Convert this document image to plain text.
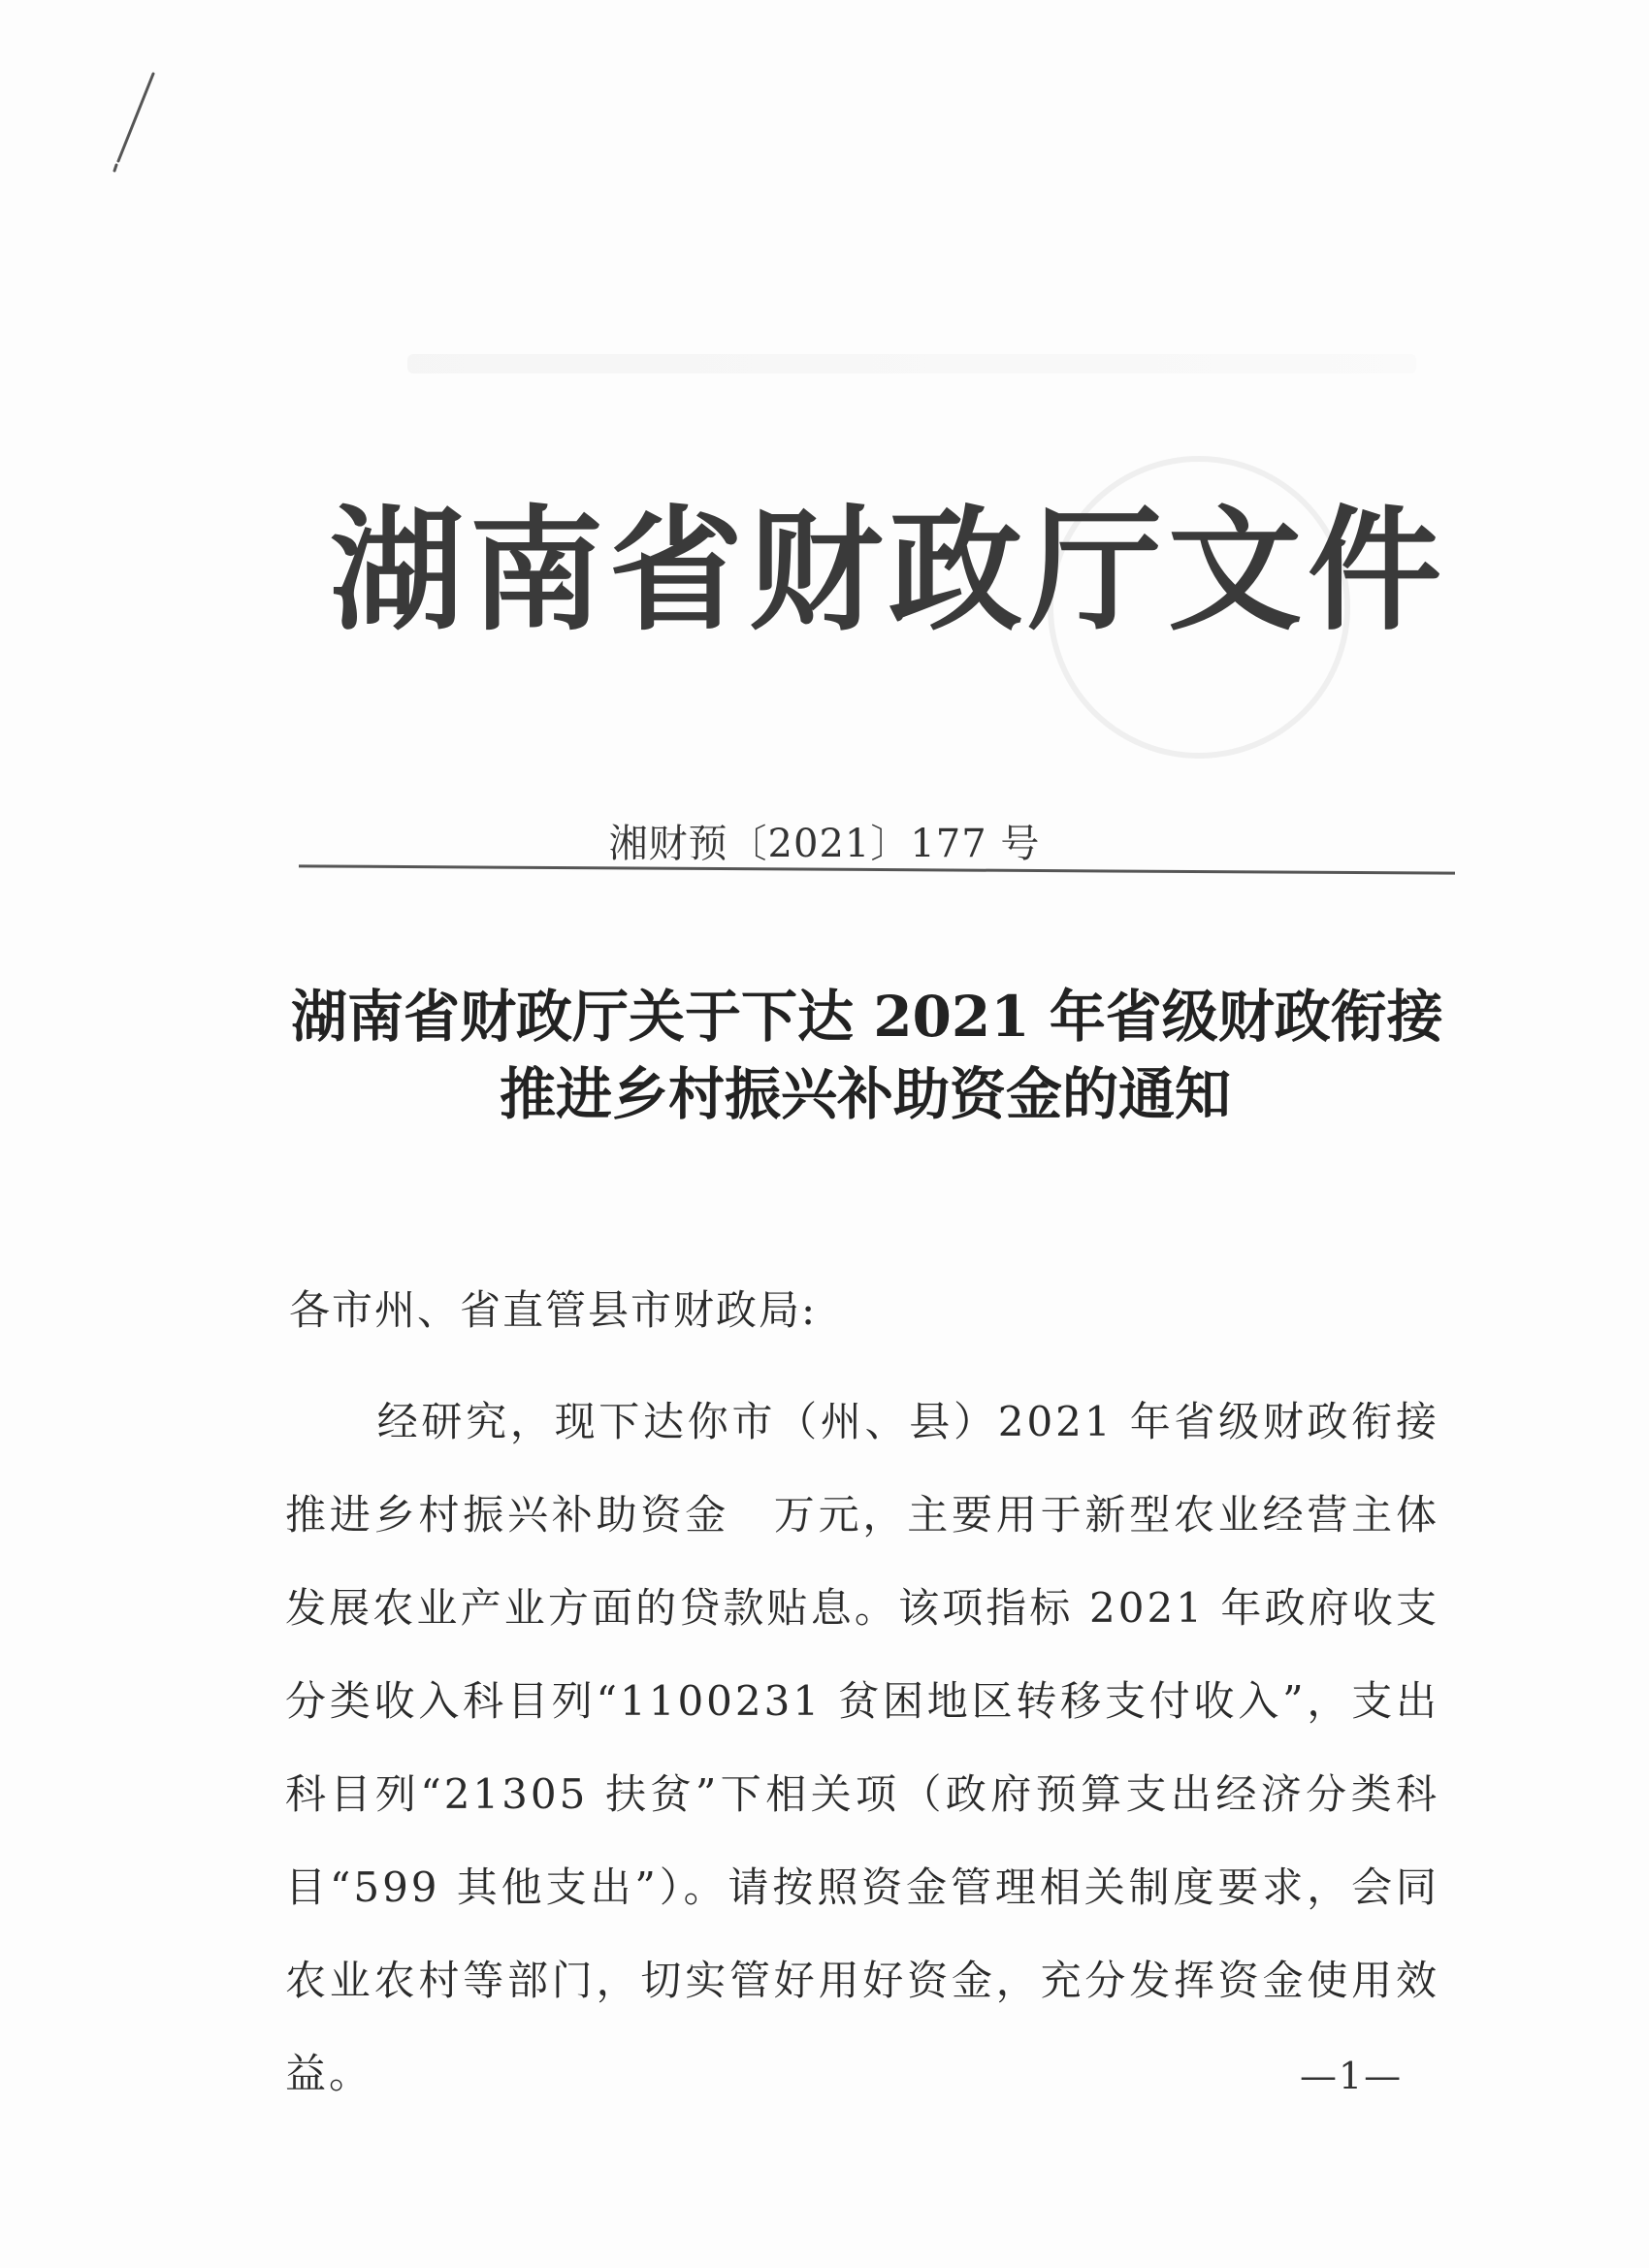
湖南省财政厅文件
湘财预〔2021〕177 号
湖南省财政厅关于下达 2021 年省级财政衔接
推进乡村振兴补助资金的通知
各市州、省直管县市财政局:
经研究，现下达你市（州、县）2021 年省级财政衔接推进乡村振兴补助资金　万元，主要用于新型农业经营主体发展农业产业方面的贷款贴息。该项指标 2021 年政府收支分类收入科目列“1100231 贫困地区转移支付收入”，支出科目列“21305 扶贫”下相关项（政府预算支出经济分类科目“599 其他支出”）。请按照资金管理相关制度要求，会同农业农村等部门，切实管好用好资金，充分发挥资金使用效益。	—1—
